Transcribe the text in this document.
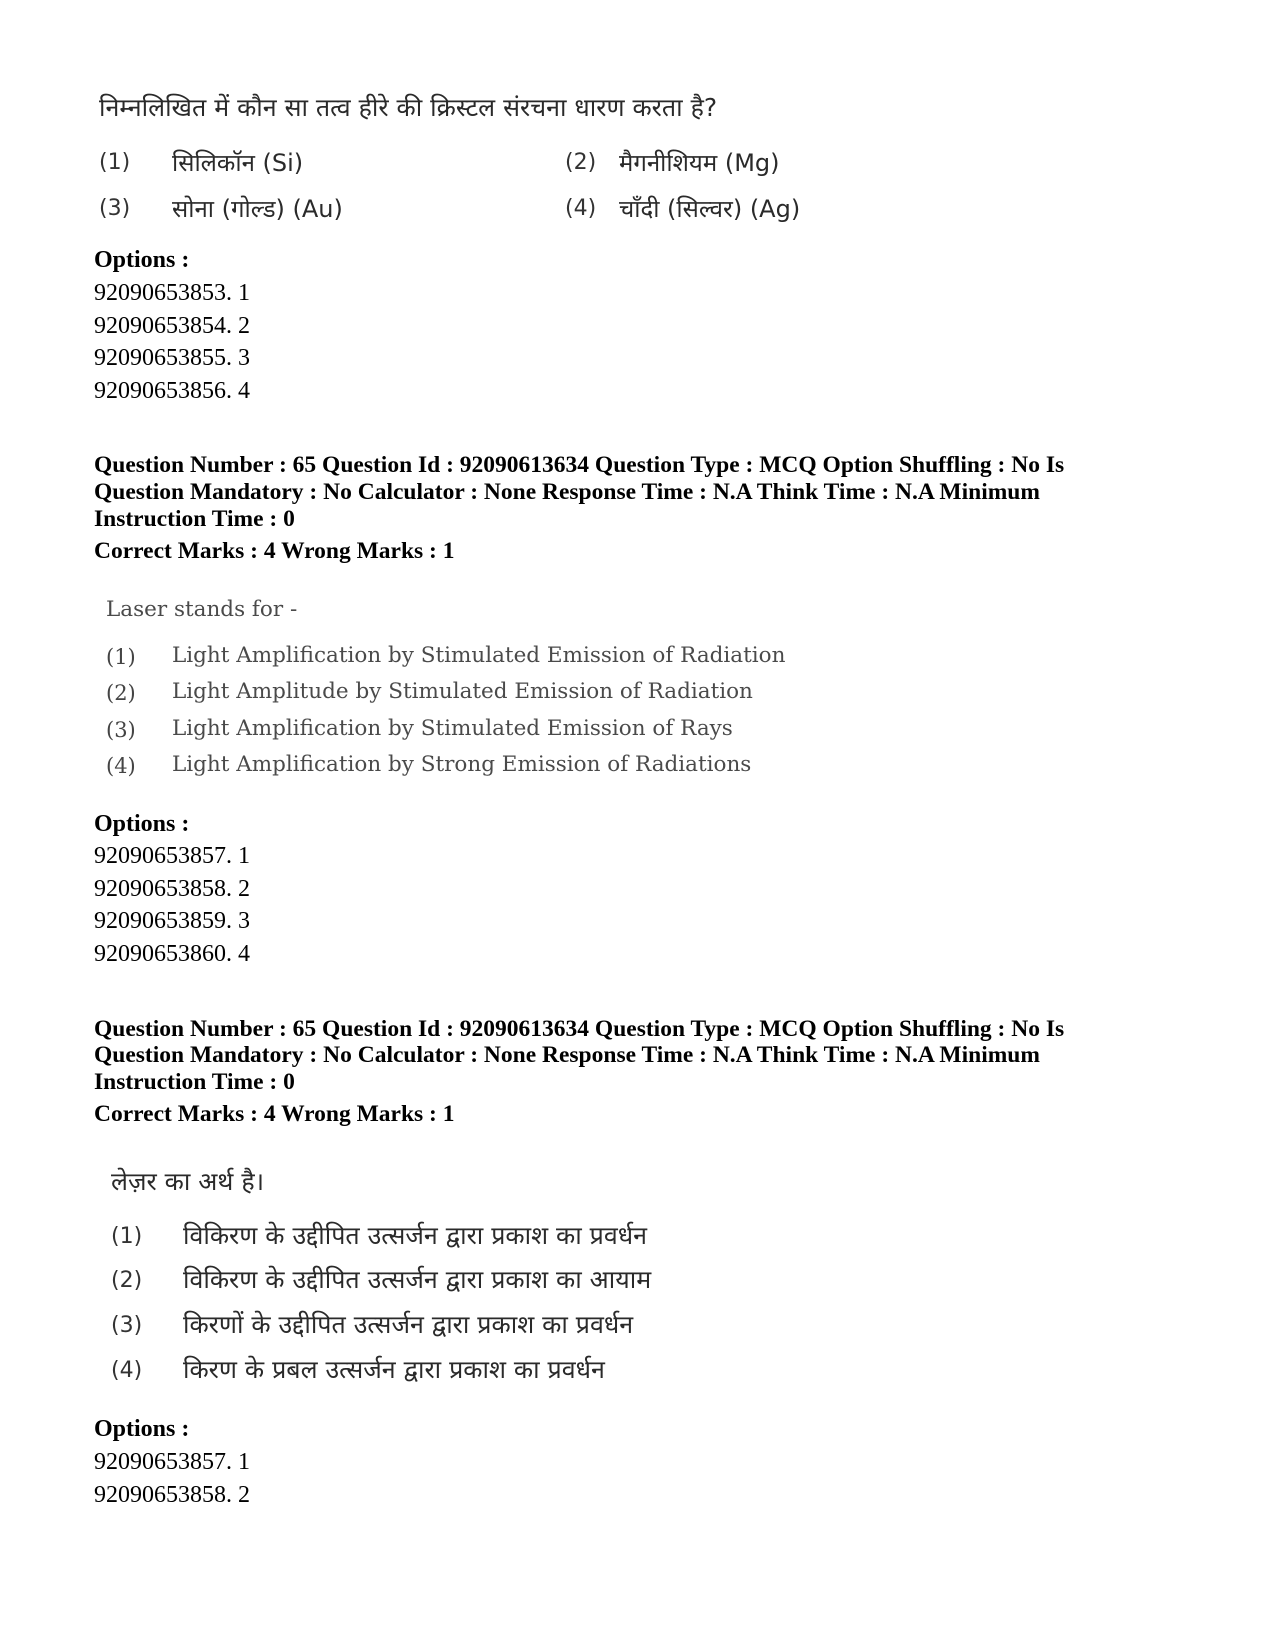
निम्नलिखित में कौन सा तत्व हीरे की क्रिस्टल संरचना धारण करता है?
(1) सिलिकॉन (Si)	(2) मैगनीशियम (Mg)
(3) सोना (गोल्ड) (Au)	(4) चाँदी (सिल्वर) (Ag)
Options :
92090653853. 1
92090653854. 2
92090653855. 3
92090653856. 4
Question Number : 65 Question Id : 92090613634 Question Type : MCQ Option Shuffling : No Is
Question Mandatory : No Calculator : None Response Time : N.A Think Time : N.A Minimum
Instruction Time : 0
Correct Marks : 4 Wrong Marks : 1
Laser stands for -
(1) Light Amplification by Stimulated Emission of Radiation
(2) Light Amplitude by Stimulated Emission of Radiation
(3) Light Amplification by Stimulated Emission of Rays
(4) Light Amplification by Strong Emission of Radiations
Options :
92090653857. 1
92090653858. 2
92090653859. 3
92090653860. 4
Question Number : 65 Question Id : 92090613634 Question Type : MCQ Option Shuffling : No Is
Question Mandatory : No Calculator : None Response Time : N.A Think Time : N.A Minimum
Instruction Time : 0
Correct Marks : 4 Wrong Marks : 1
लेज़र का अर्थ है।
(1) विकिरण के उद्दीपित उत्सर्जन द्वारा प्रकाश का प्रवर्धन
(2) विकिरण के उद्दीपित उत्सर्जन द्वारा प्रकाश का आयाम
(3) किरणों के उद्दीपित उत्सर्जन द्वारा प्रकाश का प्रवर्धन
(4) किरण के प्रबल उत्सर्जन द्वारा प्रकाश का प्रवर्धन
Options :
92090653857. 1
92090653858. 2
